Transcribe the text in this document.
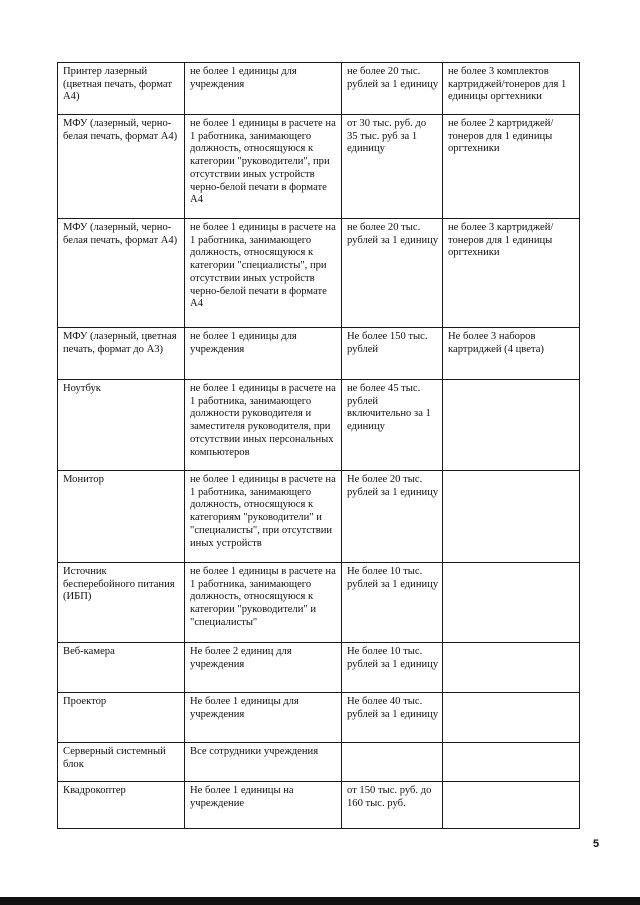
Принтер лазерный (цветная печать, формат А4)	не более 1 единицы для учреждения	не более 20 тыс. рублей за 1 единицу	не более 3 комплектов картриджей/тонеров для 1 единицы оргтехники
МФУ (лазерный, черно-белая печать, формат А4)	не более 1 единицы в расчете на 1 работника, занимающего должность, относящуюся к категории "руководители", при отсутствии иных устройств черно-белой печати в формате А4	от 30 тыс. руб. до 35 тыс. руб за 1 единицу	не более 2 картриджей/тонеров для 1 единицы оргтехники
МФУ (лазерный, черно-белая печать, формат А4)	не более 1 единицы в расчете на 1 работника, занимающего должность, относящуюся к категории "специалисты", при отсутствии иных устройств черно-белой печати в формате А4	не более 20 тыс. рублей за 1 единицу	не более 3 картриджей/тонеров для 1 единицы оргтехники
МФУ (лазерный, цветная печать, формат до А3)	не более 1 единицы для учреждения	Не более 150 тыс. рублей	Не более 3 наборов картриджей (4 цвета)
Ноутбук	не более 1 единицы в расчете на 1 работника, занимающего должности руководителя и заместителя руководителя, при отсутствии иных персональных компьютеров	не более 45 тыс. рублей включительно за 1 единицу	
Монитор	не более 1 единицы в расчете на 1 работника, занимающего должность, относящуюся к категориям "руководители" и "специалисты", при отсутствии иных устройств	Не более 20 тыс. рублей за 1 единицу	
Источник бесперебойного питания (ИБП)	не более 1 единицы в расчете на 1 работника, занимающего должность, относящуюся к категории "руководители" и "специалисты"	Не более 10 тыс. рублей за 1 единицу	
Веб-камера	Не более 2 единиц для учреждения	Не более 10 тыс. рублей за 1 единицу	
Проектор	Не более 1 единицы для учреждения	Не более 40 тыс. рублей за 1 единицу	
Серверный системный блок	Все сотрудники учреждения		
Квадрокоптер	Не более 1 единицы на учреждение	от 150 тыс. руб. до 160 тыс. руб.	
5
